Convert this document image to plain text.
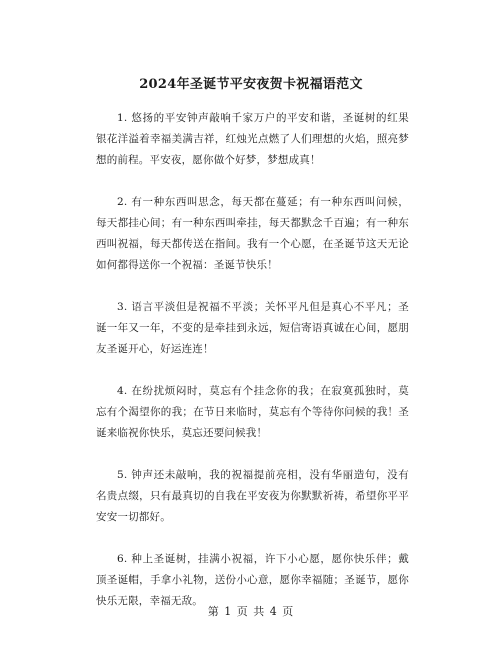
2024年圣诞节平安夜贺卡祝福语范文

1. 悠扬的平安钟声敲响千家万户的平安和谐，圣诞树的红果银花洋溢着幸福美满吉祥，红烛光点燃了人们理想的火焰，照亮梦想的前程。平安夜，愿你做个好梦，梦想成真！

2. 有一种东西叫思念，每天都在蔓延；有一种东西叫问候，每天都挂心间；有一种东西叫牵挂，每天都默念千百遍；有一种东西叫祝福，每天都传送在指间。我有一个心愿，在圣诞节这天无论如何都得送你一个祝福：圣诞节快乐！

3. 语言平淡但是祝福不平淡；关怀平凡但是真心不平凡；圣诞一年又一年，不变的是牵挂到永远，短信寄语真诚在心间，愿朋友圣诞开心，好运连连！

4. 在纷扰烦闷时，莫忘有个挂念你的我；在寂寞孤独时，莫忘有个渴望你的我；在节日来临时，莫忘有个等待你问候的我！圣诞来临祝你快乐，莫忘还要问候我！

5. 钟声还未敲响，我的祝福提前亮相，没有华丽造句，没有名贵点缀，只有最真切的自我在平安夜为你默默祈祷，希望你平平安安一切都好。

6. 种上圣诞树，挂满小祝福，许下小心愿，愿你快乐伴；戴顶圣诞帽，手拿小礼物，送份小心意，愿你幸福随；圣诞节，愿你快乐无限，幸福无敌。

第 1 页 共 4 页
